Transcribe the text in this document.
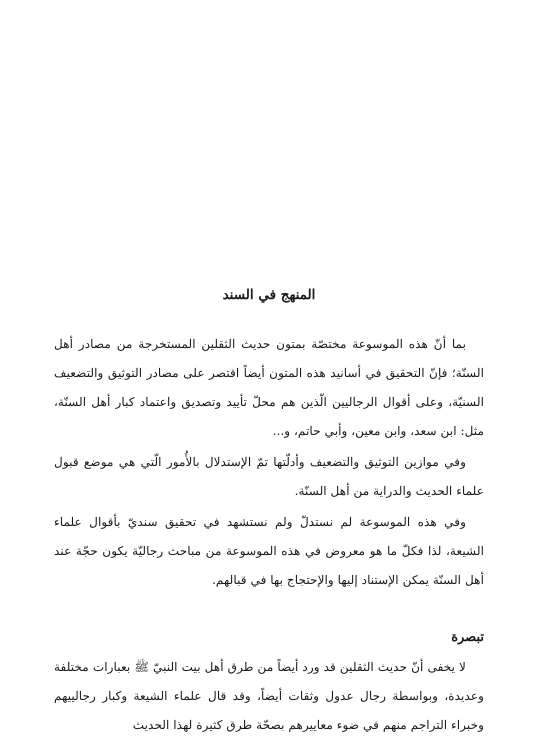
المنهج في السند

بما أنّ هذه الموسوعة مختصّة بمتون حديث الثقلين المستخرجة من مصادر أهل السنّة؛ فإنّ التحقيق في أسانيد هذه المتون أيضاً اقتصر على مصادر التوثيق والتضعيف السنيّة، وعلى أقوال الرجاليين الّذين هم محلّ تأييد وتصديق واعتماد كبار أهل السنّة، مثل: ابن سعد، وابن معين، وأبي حاتم، و...

وفي موازين التوثيق والتضعيف وأدلّتها تمّ الإستدلال بالأُمور الّتي هي موضع قبول علماء الحديث والدراية من أهل السنّة.

وفي هذه الموسوعة لم نستدلّ ولم نستشهد في تحقيق سنديّ بأقوال علماء الشيعة، لذا فكلّ ما هو معروض في هذه الموسوعة من مباحث رجاليّة يكون حجّة عند أهل السنّة يمكن الإستناد إليها والإحتجاج بها في قبالهم.

تبصرة

لا يخفى أنّ حديث الثقلين قد ورد أيضاً من طرق أهل بيت النبيّ ﷺ بعبارات مختلفة وعديدة، وبواسطة رجال عدول وثقات أيضاً، وقد قال علماء الشيعة وكبار رجالييهم وخبراء التراجم منهم في ضوء معاييرهم بصحّة طرق كثيرة لهذا الحديث
